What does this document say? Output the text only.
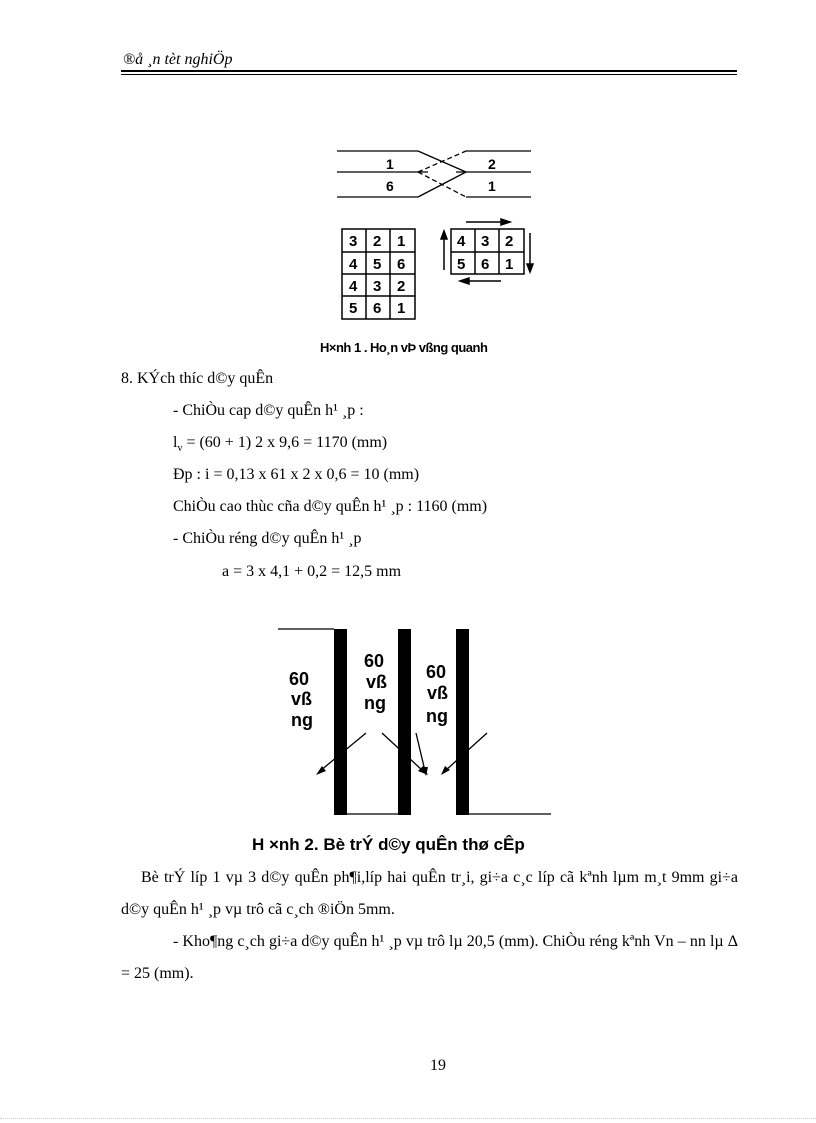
®å ¸n tèt nghiÖp
1	2
6	1
3 2 1
4 5 6
4 3 2
5 6 1
4 3 2
5 6 1
H×nh 1 . Ho¸n vÞ vßng quanh
8. KÝch thíc d©y quÊn
- ChiÒu cap d©y quÊn h¹ ¸p :
$l_v = (60 + 1)$ 2 x 9,6 = 1170 (mm)
Ðp : i = 0,13 x 61 x 2 x 0,6 = 10 (mm)
ChiÒu cao thùc cña d©y quÊn h¹ ¸p : 1160 (mm)
- ChiÒu réng d©y quÊn h¹ ¸p
a = 3 x 4,1 + 0,2 = 12,5 mm
60
vß
ng
60
vß
ng
60
vß
ng
H ×nh 2. Bè trÝ d©y quÊn thø cÊp
Bè trÝ líp 1 vµ 3 d©y quÊn ph¶i,líp hai quÊn tr¸i, gi÷a c¸c líp cã kªnh lµm m¸t 9mm gi÷a d©y quÊn h¹ ¸p vµ trô cã c¸ch ®iÖn 5mm.
- Kho¶ng c¸ch gi÷a d©y quÊn h¹ ¸p vµ trô lµ 20,5 (mm). ChiÒu réng kªnh Vn – nn lµ Δ = 25 (mm).
19
